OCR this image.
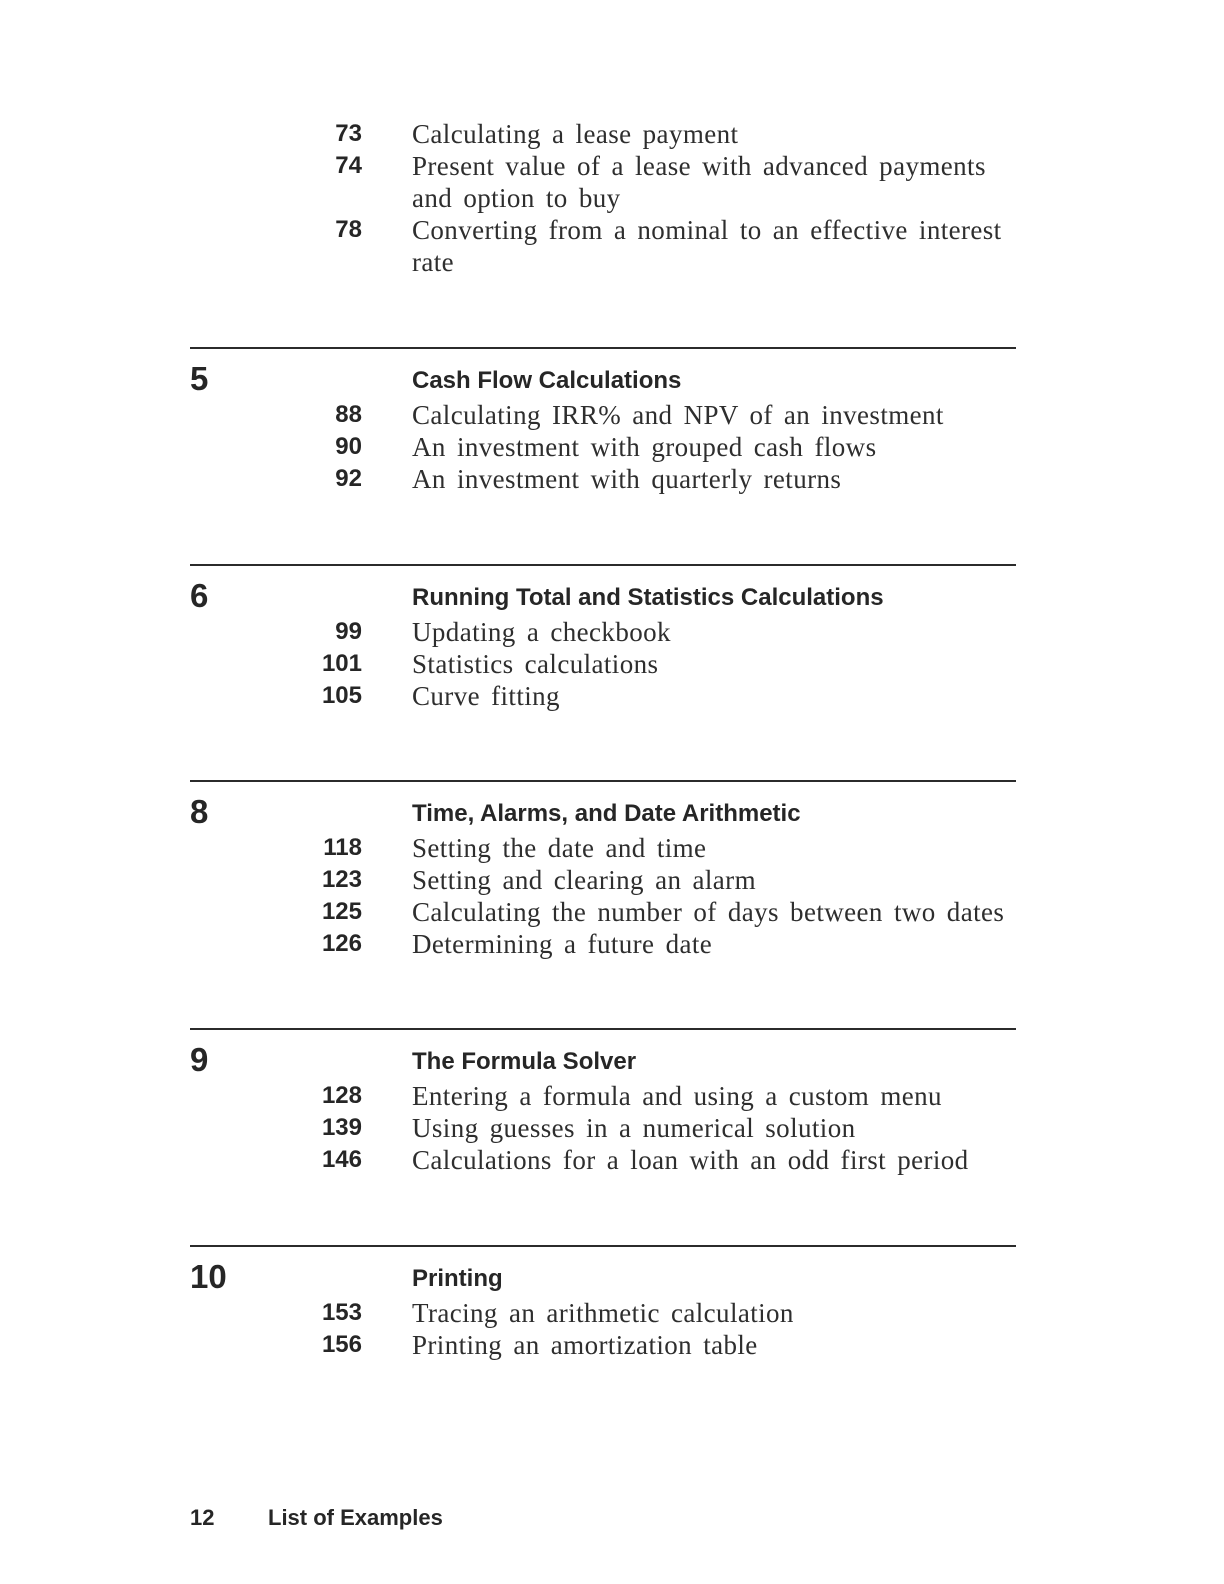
73 Calculating a lease payment
74 Present value of a lease with advanced payments and option to buy
78 Converting from a nominal to an effective interest rate
5	Cash Flow Calculations
88 Calculating IRR% and NPV of an investment
90 An investment with grouped cash flows
92 An investment with quarterly returns
6	Running Total and Statistics Calculations
99 Updating a checkbook
101 Statistics calculations
105 Curve fitting
8	Time, Alarms, and Date Arithmetic
118 Setting the date and time
123 Setting and clearing an alarm
125 Calculating the number of days between two dates
126 Determining a future date
9	The Formula Solver
128 Entering a formula and using a custom menu
139 Using guesses in a numerical solution
146 Calculations for a loan with an odd first period
10	Printing
153 Tracing an arithmetic calculation
156 Printing an amortization table
12 List of Examples
